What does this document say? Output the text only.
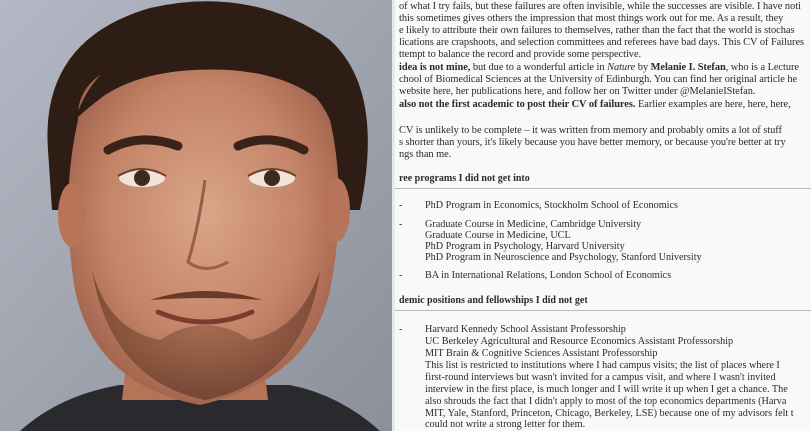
of what I try fails, but these failures are often invisible, while the successes are visible. I have noti
this sometimes gives others the impression that most things work out for me. As a result, they
e likely to attribute their own failures to themselves, rather than the fact that the world is stochas
lications are crapshoots, and selection committees and referees have bad days. This CV of Failures
ttempt to balance the record and provide some perspective.
idea is not mine, but due to a wonderful article in Nature by Melanie I. Stefan, who is a Lecture
chool of Biomedical Sciences at the University of Edinburgh. You can find her original article he
website here, her publications here, and follow her on Twitter under @MelanieIStefan.
also not the first academic to post their CV of failures. Earlier examples are here, here, here,
CV is unlikely to be complete – it was written from memory and probably omits a lot of stuff
s shorter than yours, it's likely because you have better memory, or because you're better at try
ngs than me.
ree programs I did not get into
- PhD Program in Economics, Stockholm School of Economics
- Graduate Course in Medicine, Cambridge University
Graduate Course in Medicine, UCL
PhD Program in Psychology, Harvard University
PhD Program in Neuroscience and Psychology, Stanford University
- BA in International Relations, London School of Economics
demic positions and fellowships I did not get
- Harvard Kennedy School Assistant Professorship
UC Berkeley Agricultural and Resource Economics Assistant Professorship
MIT Brain & Cognitive Sciences Assistant Professorship
This list is restricted to institutions where I had campus visits; the list of places where I
first-round interviews but wasn't invited for a campus visit, and where I wasn't invited
interview in the first place, is much longer and I will write it up when I get a chance. The
also shrouds the fact that I didn't apply to most of the top economics departments (Harva
MIT, Yale, Stanford, Princeton, Chicago, Berkeley, LSE) because one of my advisors felt t
could not write a strong letter for them.
